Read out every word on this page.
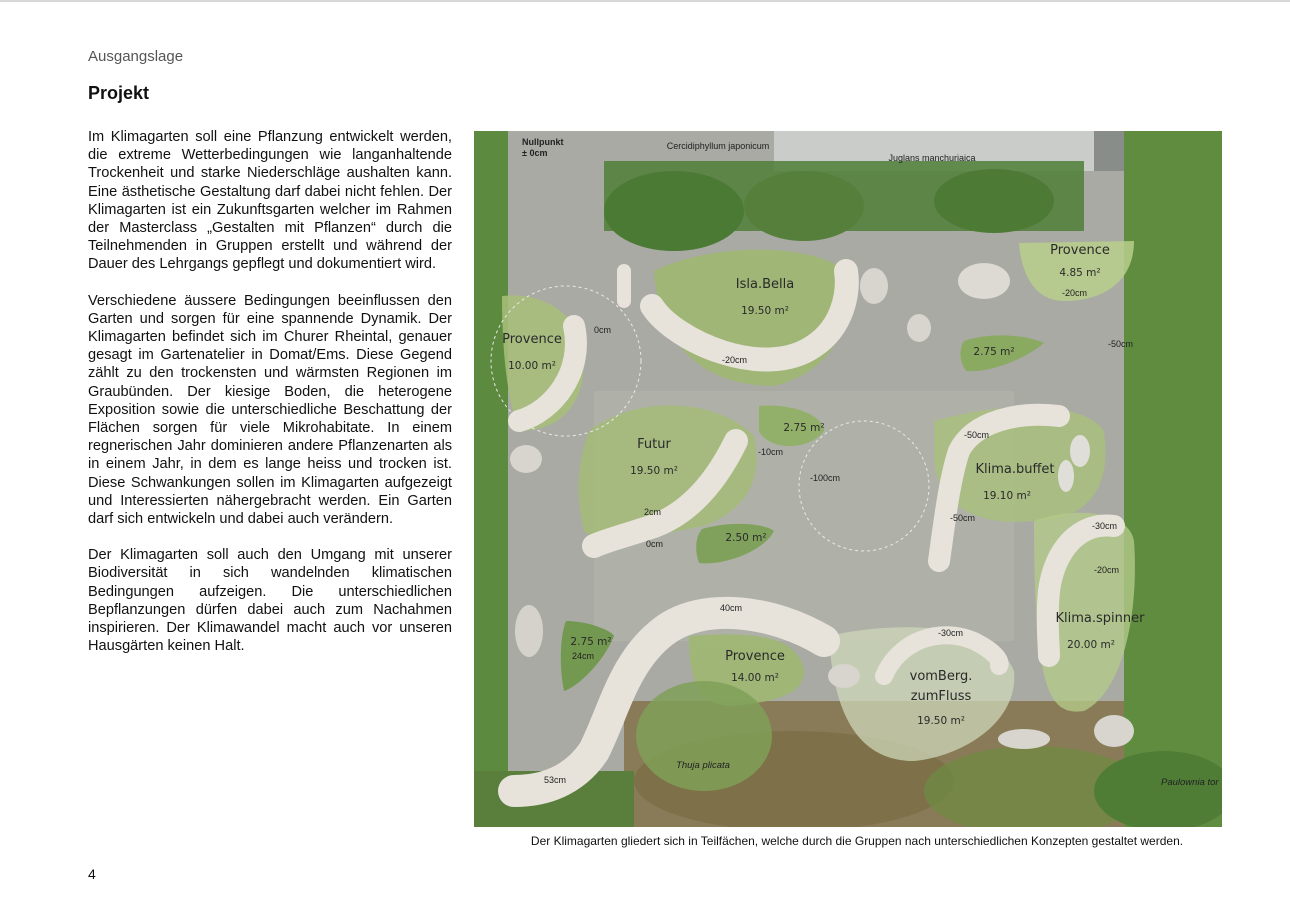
Ausgangslage
Projekt

Im Klimagarten soll eine Pflanzung entwickelt werden, die extreme Wetterbedingungen wie langanhaltende Trockenheit und starke Niederschläge aushalten kann. Eine ästhetische Gestaltung darf dabei nicht fehlen. Der Klimagarten ist ein Zukunftsgarten welcher im Rahmen der Masterclass „Gestalten mit Pflanzen“ durch die Teilnehmenden in Gruppen erstellt und während der Dauer des Lehrgangs gepflegt und dokumentiert wird.

Verschiedene äussere Bedingungen beeinflussen den Garten und sorgen für eine spannende Dynamik. Der Klimagarten befindet sich im Churer Rheintal, genauer gesagt im Gartenatelier in Domat/Ems. Diese Gegend zählt zu den trockensten und wärmsten Regionen im Graubünden. Der kiesige Boden, die heterogene Exposition sowie die unterschiedliche Beschattung der Flächen sorgen für viele Mikrohabitate. In einem regnerischen Jahr dominieren andere Pflanzenarten als in einem Jahr, in dem es lange heiss und trocken ist. Diese Schwankungen sollen im Klimagarten aufgezeigt und Interessierten nähergebracht werden. Ein Garten darf sich entwickeln und dabei auch verändern.

Der Klimagarten soll auch den Umgang mit unserer Biodiversität in sich wandelnden klimatischen Bedingungen aufzeigen. Die unterschiedlichen Bepflanzungen dürfen dabei auch zum Nachahmen inspirieren. Der Klimawandel macht auch vor unseren Hausgärten keinen Halt.

Isla.Bella
19.50 m²
Provence
4.85 m²
Provence
10.00 m²
Futur
19.50 m²	Klima.buffet
19.10 m²
Klima.spinner
20.00 m²
Provence
14.00 m²	vomBerg.
zumFluss
19.50 m²
2.75 m²
2.75 m²
2.50 m²
2.75 m²
Cercidiphyllum japonicum
Juglans manchuriaica
Thuja plicata
Paulownia tor
Nullpunkt
± 0cm
0cm
-20cm
-50cm
-10cm
-100cm
-50cm
-50cm
-30cm
-20cm
2cm
0cm
40cm
24cm
53cm
-20cm
-30cm
Der Klimagarten gliedert sich in Teilfächen, welche durch die Gruppen nach unterschiedlichen Konzepten gestaltet werden.
4
